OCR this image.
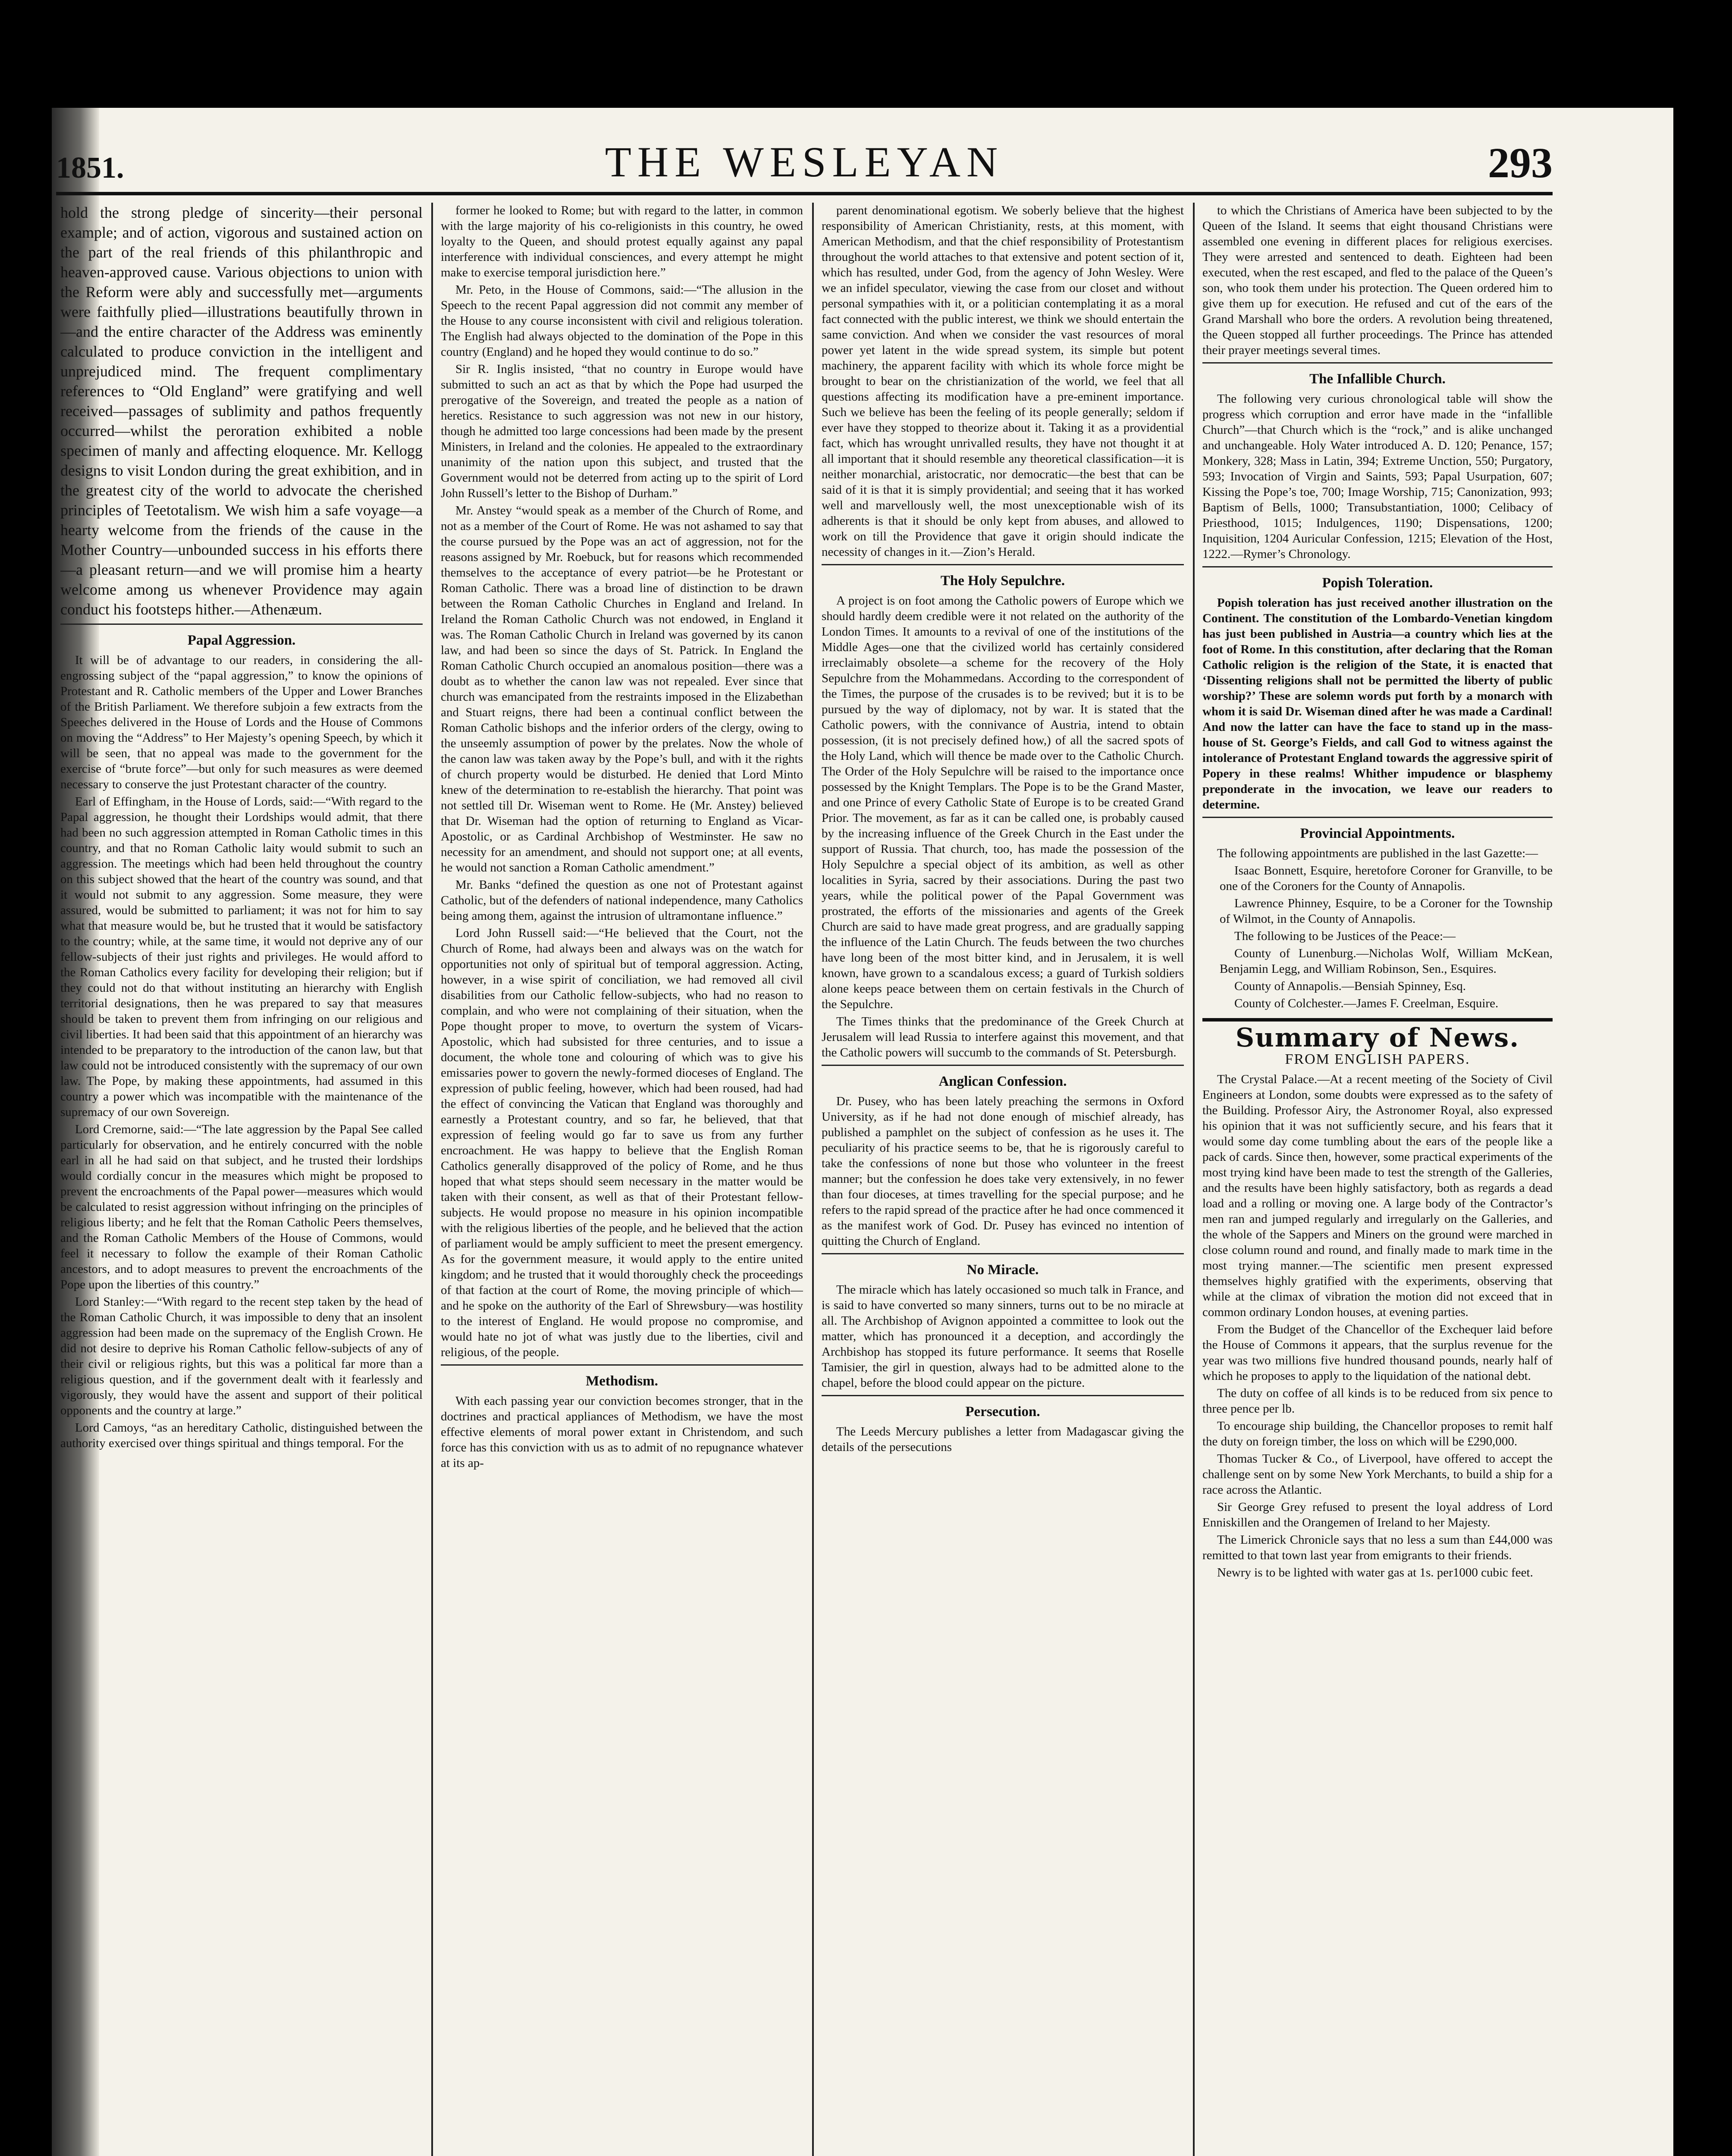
1851.	THE WESLEYAN	293

hold the strong pledge of sincerity—their personal example; and of action, vigorous and sustained action on the part of the real friends of this philanthropic and heaven-approved cause. Various objections to union with the Reform were ably and successfully met—arguments were faithfully plied—illustrations beautifully thrown in—and the entire character of the Address was eminently calculated to produce conviction in the intelligent and unprejudiced mind. The frequent complimentary references to “Old England” were gratifying and well received—passages of sublimity and pathos frequently occurred—whilst the peroration exhibited a noble specimen of manly and affecting eloquence. Mr. Kellogg designs to visit London during the great exhibition, and in the greatest city of the world to advocate the cherished principles of Teetotalism. We wish him a safe voyage—a hearty welcome from the friends of the cause in the Mother Country—unbounded success in his efforts there—a pleasant return—and we will promise him a hearty welcome among us whenever Providence may again conduct his footsteps hither.—Athenæum.

Papal Aggression.

It will be of advantage to our readers, in considering the all-engrossing subject of the “papal aggression,” to know the opinions of Protestant and R. Catholic members of the Upper and Lower Branches of the British Parliament. We therefore subjoin a few extracts from the Speeches delivered in the House of Lords and the House of Commons on moving the “Address” to Her Majesty’s opening Speech, by which it will be seen, that no appeal was made to the government for the exercise of “brute force”—but only for such measures as were deemed necessary to conserve the just Protestant character of the country.

Earl of Effingham, in the House of Lords, said:—“With regard to the Papal aggression, he thought their Lordships would admit, that there had been no such aggression attempted in Roman Catholic times in this country, and that no Roman Catholic laity would submit to such an aggression. The meetings which had been held throughout the country on this subject showed that the heart of the country was sound, and that it would not submit to any aggression. Some measure, they were assured, would be submitted to parliament; it was not for him to say what that measure would be, but he trusted that it would be satisfactory to the country; while, at the same time, it would not deprive any of our fellow-subjects of their just rights and privileges. He would afford to the Roman Catholics every facility for developing their religion; but if they could not do that without instituting an hierarchy with English territorial designations, then he was prepared to say that measures should be taken to prevent them from infringing on our religious and civil liberties. It had been said that this appointment of an hierarchy was intended to be preparatory to the introduction of the canon law, but that law could not be introduced consistently with the supremacy of our own law. The Pope, by making these appointments, had assumed in this country a power which was incompatible with the maintenance of the supremacy of our own Sovereign.

Lord Cremorne, said:—“The late aggression by the Papal See called particularly for observation, and he entirely concurred with the noble earl in all he had said on that subject, and he trusted their lordships would cordially concur in the measures which might be proposed to prevent the encroachments of the Papal power—measures which would be calculated to resist aggression without infringing on the principles of religious liberty; and he felt that the Roman Catholic Peers themselves, and the Roman Catholic Members of the House of Commons, would feel it necessary to follow the example of their Roman Catholic ancestors, and to adopt measures to prevent the encroachments of the Pope upon the liberties of this country.”

Lord Stanley:—“With regard to the recent step taken by the head of the Roman Catholic Church, it was impossible to deny that an insolent aggression had been made on the supremacy of the English Crown. He did not desire to deprive his Roman Catholic fellow-subjects of any of their civil or religious rights, but this was a political far more than a religious question, and if the government dealt with it fearlessly and vigorously, they would have the assent and support of their political opponents and the country at large.”

Lord Camoys, “as an hereditary Catholic, distinguished between the authority exercised over things spiritual and things temporal. For the

former he looked to Rome; but with regard to the latter, in common with the large majority of his co-religionists in this country, he owed loyalty to the Queen, and should protest equally against any papal interference with individual consciences, and every attempt he might make to exercise temporal jurisdiction here.”

Mr. Peto, in the House of Commons, said:—“The allusion in the Speech to the recent Papal aggression did not commit any member of the House to any course inconsistent with civil and religious toleration. The English had always objected to the domination of the Pope in this country (England) and he hoped they would continue to do so.”

Sir R. Inglis insisted, “that no country in Europe would have submitted to such an act as that by which the Pope had usurped the prerogative of the Sovereign, and treated the people as a nation of heretics. Resistance to such aggression was not new in our history, though he admitted too large concessions had been made by the present Ministers, in Ireland and the colonies. He appealed to the extraordinary unanimity of the nation upon this subject, and trusted that the Government would not be deterred from acting up to the spirit of Lord John Russell’s letter to the Bishop of Durham.”

Mr. Anstey “would speak as a member of the Church of Rome, and not as a member of the Court of Rome. He was not ashamed to say that the course pursued by the Pope was an act of aggression, not for the reasons assigned by Mr. Roebuck, but for reasons which recommended themselves to the acceptance of every patriot—be he Protestant or Roman Catholic. There was a broad line of distinction to be drawn between the Roman Catholic Churches in England and Ireland. In Ireland the Roman Catholic Church was not endowed, in England it was. The Roman Catholic Church in Ireland was governed by its canon law, and had been so since the days of St. Patrick. In England the Roman Catholic Church occupied an anomalous position—there was a doubt as to whether the canon law was not repealed. Ever since that church was emancipated from the restraints imposed in the Elizabethan and Stuart reigns, there had been a continual conflict between the Roman Catholic bishops and the inferior orders of the clergy, owing to the unseemly assumption of power by the prelates. Now the whole of the canon law was taken away by the Pope’s bull, and with it the rights of church property would be disturbed. He denied that Lord Minto knew of the determination to re-establish the hierarchy. That point was not settled till Dr. Wiseman went to Rome. He (Mr. Anstey) believed that Dr. Wiseman had the option of returning to England as Vicar-Apostolic, or as Cardinal Archbishop of Westminster. He saw no necessity for an amendment, and should not support one; at all events, he would not sanction a Roman Catholic amendment.”

Mr. Banks “defined the question as one not of Protestant against Catholic, but of the defenders of national independence, many Catholics being among them, against the intrusion of ultramontane influence.”

Lord John Russell said:—“He believed that the Court, not the Church of Rome, had always been and always was on the watch for opportunities not only of spiritual but of temporal aggression. Acting, however, in a wise spirit of conciliation, we had removed all civil disabilities from our Catholic fellow-subjects, who had no reason to complain, and who were not complaining of their situation, when the Pope thought proper to move, to overturn the system of Vicars-Apostolic, which had subsisted for three centuries, and to issue a document, the whole tone and colouring of which was to give his emissaries power to govern the newly-formed dioceses of England. The expression of public feeling, however, which had been roused, had had the effect of convincing the Vatican that England was thoroughly and earnestly a Protestant country, and so far, he believed, that that expression of feeling would go far to save us from any further encroachment. He was happy to believe that the English Roman Catholics generally disapproved of the policy of Rome, and he thus hoped that what steps should seem necessary in the matter would be taken with their consent, as well as that of their Protestant fellow-subjects. He would propose no measure in his opinion incompatible with the religious liberties of the people, and he believed that the action of parliament would be amply sufficient to meet the present emergency. As for the government measure, it would apply to the entire united kingdom; and he trusted that it would thoroughly check the proceedings of that faction at the court of Rome, the moving principle of which—and he spoke on the authority of the Earl of Shrewsbury—was hostility to the interest of England. He would propose no compromise, and would hate no jot of what was justly due to the liberties, civil and religious, of the people.

Methodism.

With each passing year our conviction becomes stronger, that in the doctrines and practical appliances of Methodism, we have the most effective elements of moral power extant in Christendom, and such force has this conviction with us as to admit of no repugnance whatever at its ap-

parent denominational egotism. We soberly believe that the highest responsibility of American Christianity, rests, at this moment, with American Methodism, and that the chief responsibility of Protestantism throughout the world attaches to that extensive and potent section of it, which has resulted, under God, from the agency of John Wesley. Were we an infidel speculator, viewing the case from our closet and without personal sympathies with it, or a politician contemplating it as a moral fact connected with the public interest, we think we should entertain the same conviction. And when we consider the vast resources of moral power yet latent in the wide spread system, its simple but potent machinery, the apparent facility with which its whole force might be brought to bear on the christianization of the world, we feel that all questions affecting its modification have a pre-eminent importance. Such we believe has been the feeling of its people generally; seldom if ever have they stopped to theorize about it. Taking it as a providential fact, which has wrought unrivalled results, they have not thought it at all important that it should resemble any theoretical classification—it is neither monarchial, aristocratic, nor democratic—the best that can be said of it is that it is simply providential; and seeing that it has worked well and marvellously well, the most unexceptionable wish of its adherents is that it should be only kept from abuses, and allowed to work on till the Providence that gave it origin should indicate the necessity of changes in it.—Zion’s Herald.

The Holy Sepulchre.

A project is on foot among the Catholic powers of Europe which we should hardly deem credible were it not related on the authority of the London Times. It amounts to a revival of one of the institutions of the Middle Ages—one that the civilized world has certainly considered irreclaimably obsolete—a scheme for the recovery of the Holy Sepulchre from the Mohammedans. According to the correspondent of the Times, the purpose of the crusades is to be revived; but it is to be pursued by the way of diplomacy, not by war. It is stated that the Catholic powers, with the connivance of Austria, intend to obtain possession, (it is not precisely defined how,) of all the sacred spots of the Holy Land, which will thence be made over to the Catholic Church. The Order of the Holy Sepulchre will be raised to the importance once possessed by the Knight Templars. The Pope is to be the Grand Master, and one Prince of every Catholic State of Europe is to be created Grand Prior. The movement, as far as it can be called one, is probably caused by the increasing influence of the Greek Church in the East under the support of Russia. That church, too, has made the possession of the Holy Sepulchre a special object of its ambition, as well as other localities in Syria, sacred by their associations. During the past two years, while the political power of the Papal Government was prostrated, the efforts of the missionaries and agents of the Greek Church are said to have made great progress, and are gradually sapping the influence of the Latin Church. The feuds between the two churches have long been of the most bitter kind, and in Jerusalem, it is well known, have grown to a scandalous excess; a guard of Turkish soldiers alone keeps peace between them on certain festivals in the Church of the Sepulchre.

The Times thinks that the predominance of the Greek Church at Jerusalem will lead Russia to interfere against this movement, and that the Catholic powers will succumb to the commands of St. Petersburgh.

Anglican Confession.

Dr. Pusey, who has been lately preaching the sermons in Oxford University, as if he had not done enough of mischief already, has published a pamphlet on the subject of confession as he uses it. The peculiarity of his practice seems to be, that he is rigorously careful to take the confessions of none but those who volunteer in the freest manner; but the confession he does take very extensively, in no fewer than four dioceses, at times travelling for the special purpose; and he refers to the rapid spread of the practice after he had once commenced it as the manifest work of God. Dr. Pusey has evinced no intention of quitting the Church of England.

No Miracle.

The miracle which has lately occasioned so much talk in France, and is said to have converted so many sinners, turns out to be no miracle at all. The Archbishop of Avignon appointed a committee to look out the matter, which has pronounced it a deception, and accordingly the Archbishop has stopped its future performance. It seems that Roselle Tamisier, the girl in question, always had to be admitted alone to the chapel, before the blood could appear on the picture.

Persecution.

The Leeds Mercury publishes a letter from Madagascar giving the details of the persecutions

to which the Christians of America have been subjected to by the Queen of the Island. It seems that eight thousand Christians were assembled one evening in different places for religious exercises. They were arrested and sentenced to death. Eighteen had been executed, when the rest escaped, and fled to the palace of the Queen’s son, who took them under his protection. The Queen ordered him to give them up for execution. He refused and cut of the ears of the Grand Marshall who bore the orders. A revolution being threatened, the Queen stopped all further proceedings. The Prince has attended their prayer meetings several times.

The Infallible Church.

The following very curious chronological table will show the progress which corruption and error have made in the “infallible Church”—that Church which is the “rock,” and is alike unchanged and unchangeable. Holy Water introduced A. D. 120; Penance, 157; Monkery, 328; Mass in Latin, 394; Extreme Unction, 550; Purgatory, 593; Invocation of Virgin and Saints, 593; Papal Usurpation, 607; Kissing the Pope’s toe, 700; Image Worship, 715; Canonization, 993; Baptism of Bells, 1000; Transubstantiation, 1000; Celibacy of Priesthood, 1015; Indulgences, 1190; Dispensations, 1200; Inquisition, 1204 Auricular Confession, 1215; Elevation of the Host, 1222.—Rymer’s Chronology.

Popish Toleration.

Popish toleration has just received another illustration on the Continent. The constitution of the Lombardo-Venetian kingdom has just been published in Austria—a country which lies at the foot of Rome. In this constitution, after declaring that the Roman Catholic religion is the religion of the State, it is enacted that ‘Dissenting religions shall not be permitted the liberty of public worship?’ These are solemn words put forth by a monarch with whom it is said Dr. Wiseman dined after he was made a Cardinal! And now the latter can have the face to stand up in the mass-house of St. George’s Fields, and call God to witness against the intolerance of Protestant England towards the aggressive spirit of Popery in these realms! Whither impudence or blasphemy preponderate in the invocation, we leave our readers to determine.

Provincial Appointments.

The following appointments are published in the last Gazette:—

Isaac Bonnett, Esquire, heretofore Coroner for Granville, to be one of the Coroners for the County of Annapolis.

Lawrence Phinney, Esquire, to be a Coroner for the Township of Wilmot, in the County of Annapolis.

The following to be Justices of the Peace:—

County of Lunenburg.—Nicholas Wolf, William McKean, Benjamin Legg, and William Robinson, Sen., Esquires.

County of Annapolis.—Bensiah Spinney, Esq.

County of Colchester.—James F. Creelman, Esquire.

Summary of News.
FROM ENGLISH PAPERS.

The Crystal Palace.—At a recent meeting of the Society of Civil Engineers at London, some doubts were expressed as to the safety of the Building. Professor Airy, the Astronomer Royal, also expressed his opinion that it was not sufficiently secure, and his fears that it would some day come tumbling about the ears of the people like a pack of cards. Since then, however, some practical experiments of the most trying kind have been made to test the strength of the Galleries, and the results have been highly satisfactory, both as regards a dead load and a rolling or moving one. A large body of the Contractor’s men ran and jumped regularly and irregularly on the Galleries, and the whole of the Sappers and Miners on the ground were marched in close column round and round, and finally made to mark time in the most trying manner.—The scientific men present expressed themselves highly gratified with the experiments, observing that while at the climax of vibration the motion did not exceed that in common ordinary London houses, at evening parties.

From the Budget of the Chancellor of the Exchequer laid before the House of Commons it appears, that the surplus revenue for the year was two millions five hundred thousand pounds, nearly half of which he proposes to apply to the liquidation of the national debt.

The duty on coffee of all kinds is to be reduced from six pence to three pence per lb.

To encourage ship building, the Chancellor proposes to remit half the duty on foreign timber, the loss on which will be £290,000.

Thomas Tucker & Co., of Liverpool, have offered to accept the challenge sent on by some New York Merchants, to build a ship for a race across the Atlantic.

Sir George Grey refused to present the loyal address of Lord Enniskillen and the Orangemen of Ireland to her Majesty.

The Limerick Chronicle says that no less a sum than £44,000 was remitted to that town last year from emigrants to their friends.

Newry is to be lighted with water gas at 1s. per1000 cubic feet.
